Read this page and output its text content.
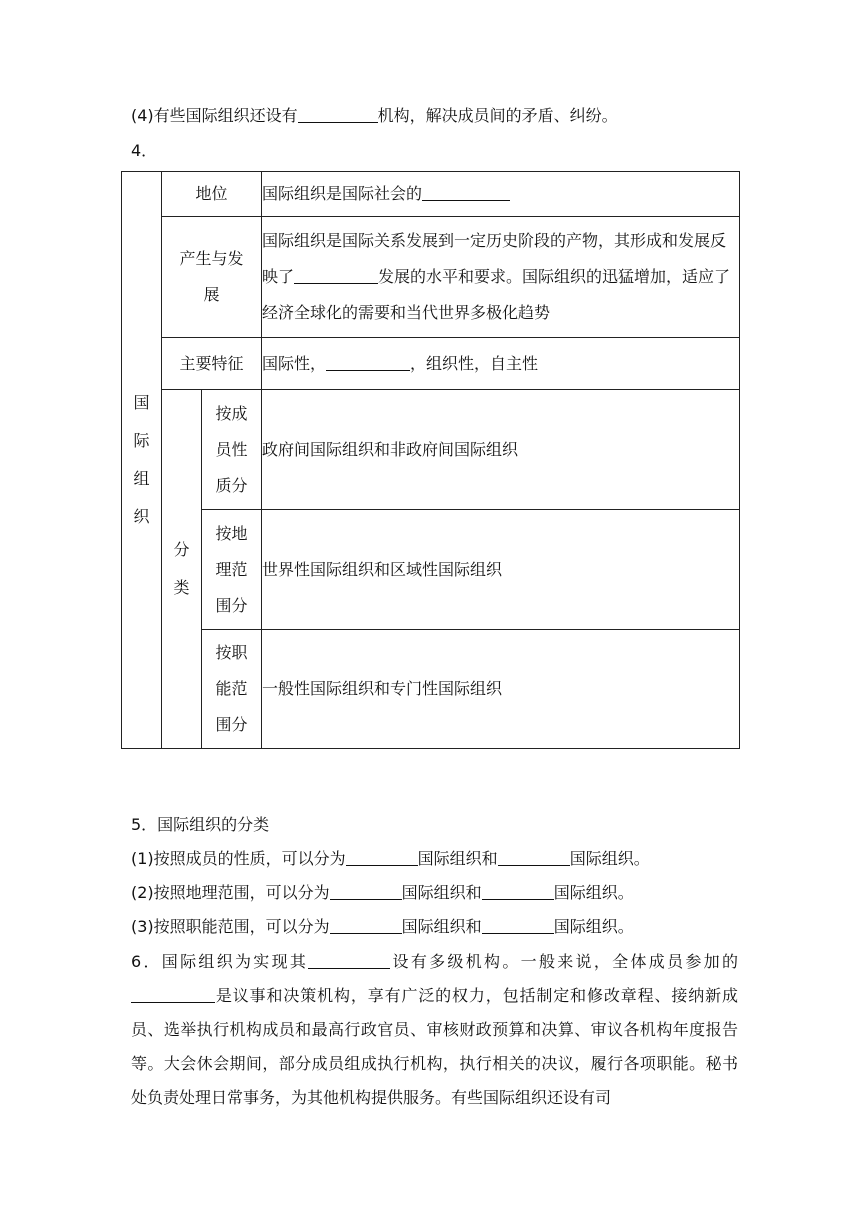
(4)有些国际组织还设有	机构，解决成员间的矛盾、纠纷。
4．
国际组织	地位		国际组织是国际社会的
	产生与发展		国际组织是国际关系发展到一定历史阶段的产物，其形成和发展反映了 发展的水平和要求。国际组织的迅猛增加，适应了经济全球化的需要和当代世界多极化趋势
	主要特征		国际性， ，组织性，自主性
	分类	按成员性质分	政府间国际组织和非政府间国际组织
		按地理范围分	世界性国际组织和区域性国际组织
		按职能范围分	一般性国际组织和专门性国际组织
5．国际组织的分类
(1)按照成员的性质，可以分为	国际组织和	国际组织。
(2)按照地理范围，可以分为	国际组织和	国际组织。
(3)按照职能范围，可以分为	国际组织和	国际组织。
6．国际组织为实现其	设有多级机构。一般来说，全体成员参加的是议事和决策机构，享有广泛的权力，包括制定和修改章程、接纳新成员、选举执行机构成员和最高行政官员、审核财政预算和决算、审议各机构年度报告等。大会休会期间，部分成员组成执行机构，执行相关的决议，履行各项职能。秘书处负责处理日常事务，为其他机构提供服务。有些国际组织还设有司
